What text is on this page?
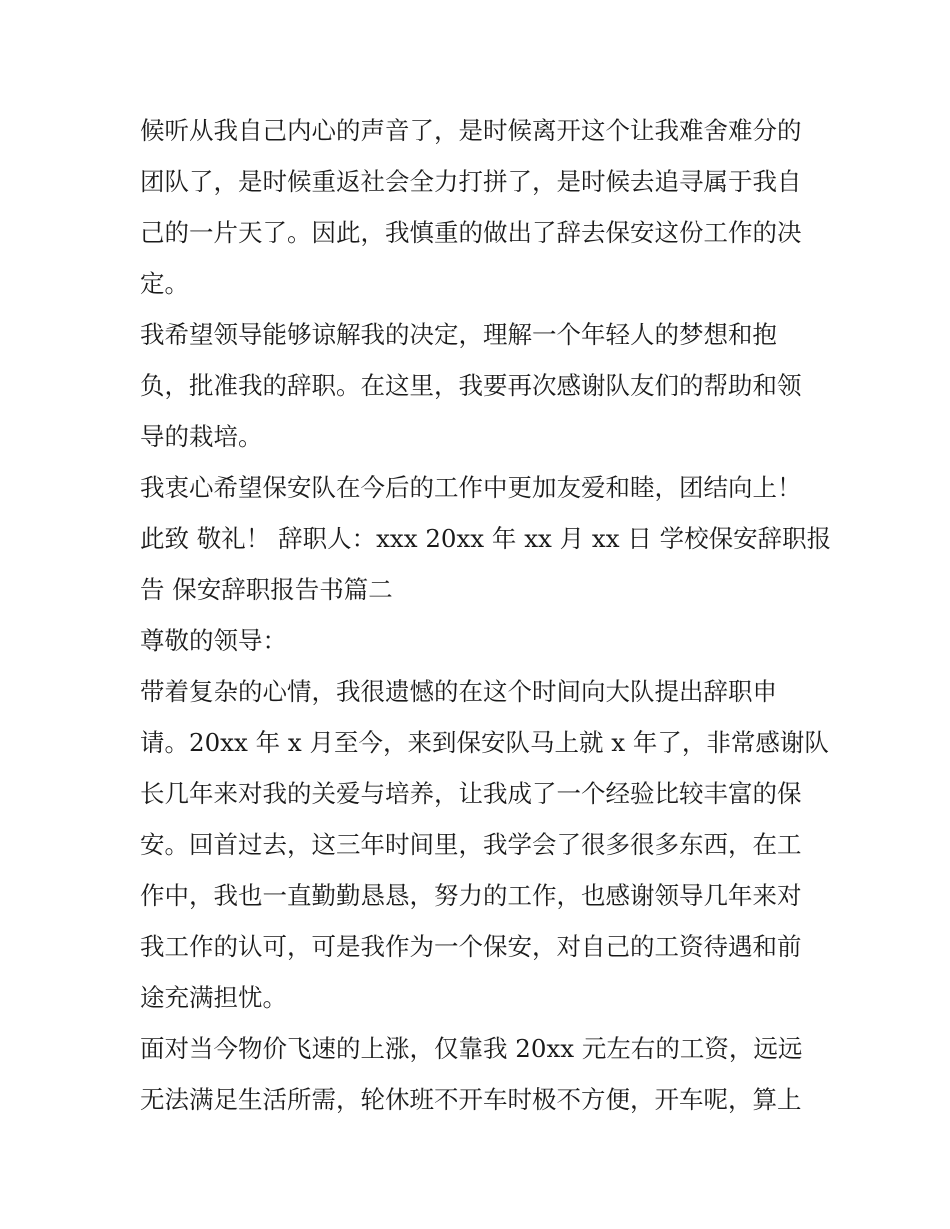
候听从我自己内心的声音了，是时候离开这个让我难舍难分的
团队了，是时候重返社会全力打拼了，是时候去追寻属于我自
己的一片天了。因此，我慎重的做出了辞去保安这份工作的决
定。
我希望领导能够谅解我的决定，理解一个年轻人的梦想和抱
负，批准我的辞职。在这里，我要再次感谢队友们的帮助和领
导的栽培。
我衷心希望保安队在今后的工作中更加友爱和睦，团结向上！
此致 敬礼！ 辞职人：xxx 20xx 年 xx 月 xx 日 学校保安辞职报
告 保安辞职报告书篇二
尊敬的领导：
带着复杂的心情，我很遗憾的在这个时间向大队提出辞职申
请。20xx 年 x 月至今，来到保安队马上就 x 年了，非常感谢队
长几年来对我的关爱与培养，让我成了一个经验比较丰富的保
安。回首过去，这三年时间里，我学会了很多很多东西，在工
作中，我也一直勤勤恳恳，努力的工作，也感谢领导几年来对
我工作的认可，可是我作为一个保安，对自己的工资待遇和前
途充满担忧。
面对当今物价飞速的上涨，仅靠我 20xx 元左右的工资，远远
无法满足生活所需，轮休班不开车时极不方便，开车呢，算上
